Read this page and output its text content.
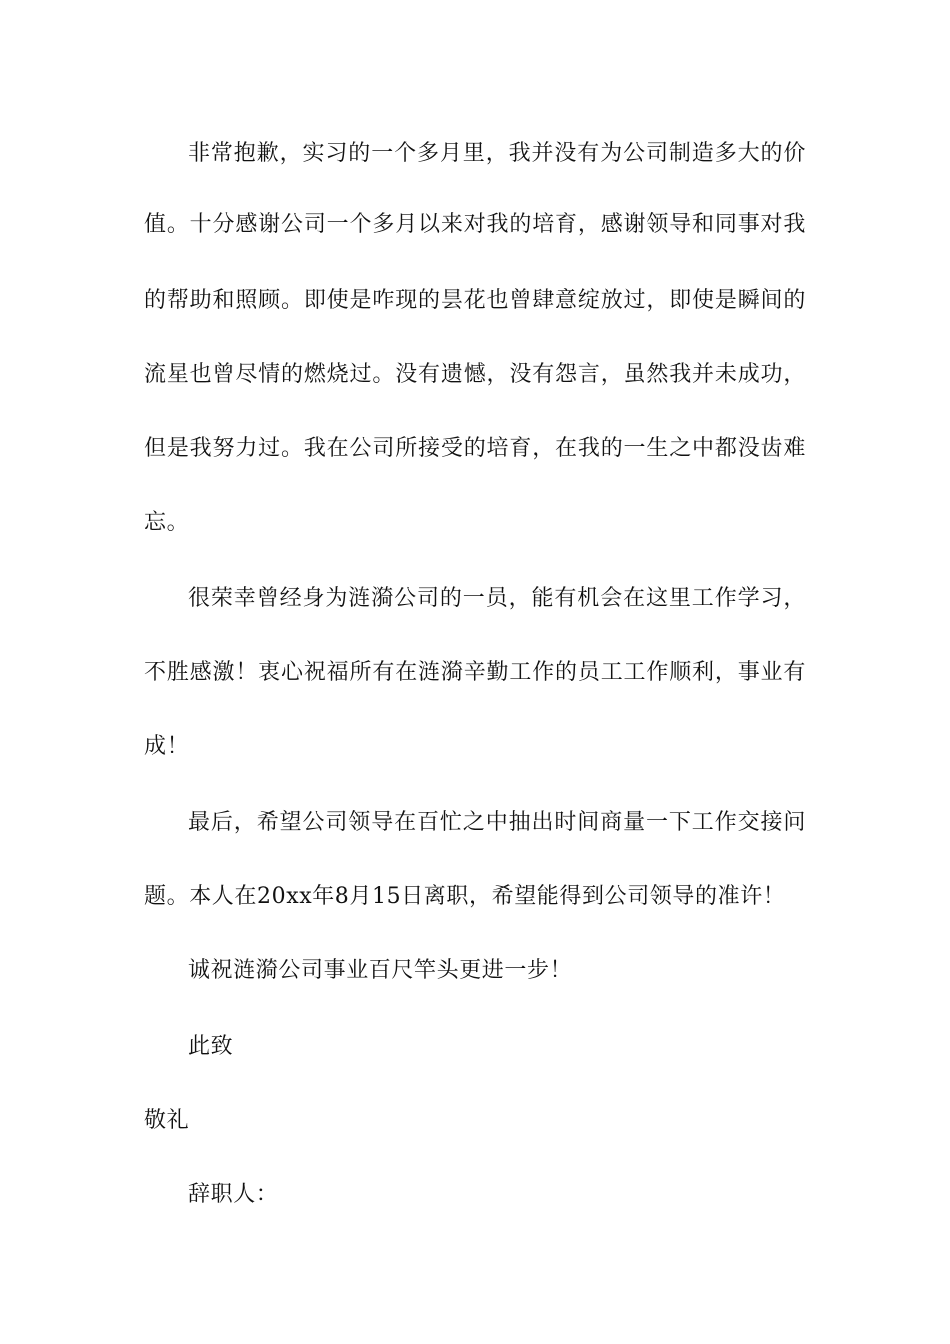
非常抱歉，实习的一个多月里，我并没有为公司制造多大的价
值。十分感谢公司一个多月以来对我的培育，感谢领导和同事对我
的帮助和照顾。即使是咋现的昙花也曾肆意绽放过，即使是瞬间的
流星也曾尽情的燃烧过。没有遗憾，没有怨言，虽然我并未成功，
但是我努力过。我在公司所接受的培育，在我的一生之中都没齿难
忘。
很荣幸曾经身为涟漪公司的一员，能有机会在这里工作学习，
不胜感激！衷心祝福所有在涟漪辛勤工作的员工工作顺利，事业有
成！
最后，希望公司领导在百忙之中抽出时间商量一下工作交接问
题。本人在20xx年8月15日离职，希望能得到公司领导的准许！
诚祝涟漪公司事业百尺竿头更进一步！
此致
敬礼
辞职人：
